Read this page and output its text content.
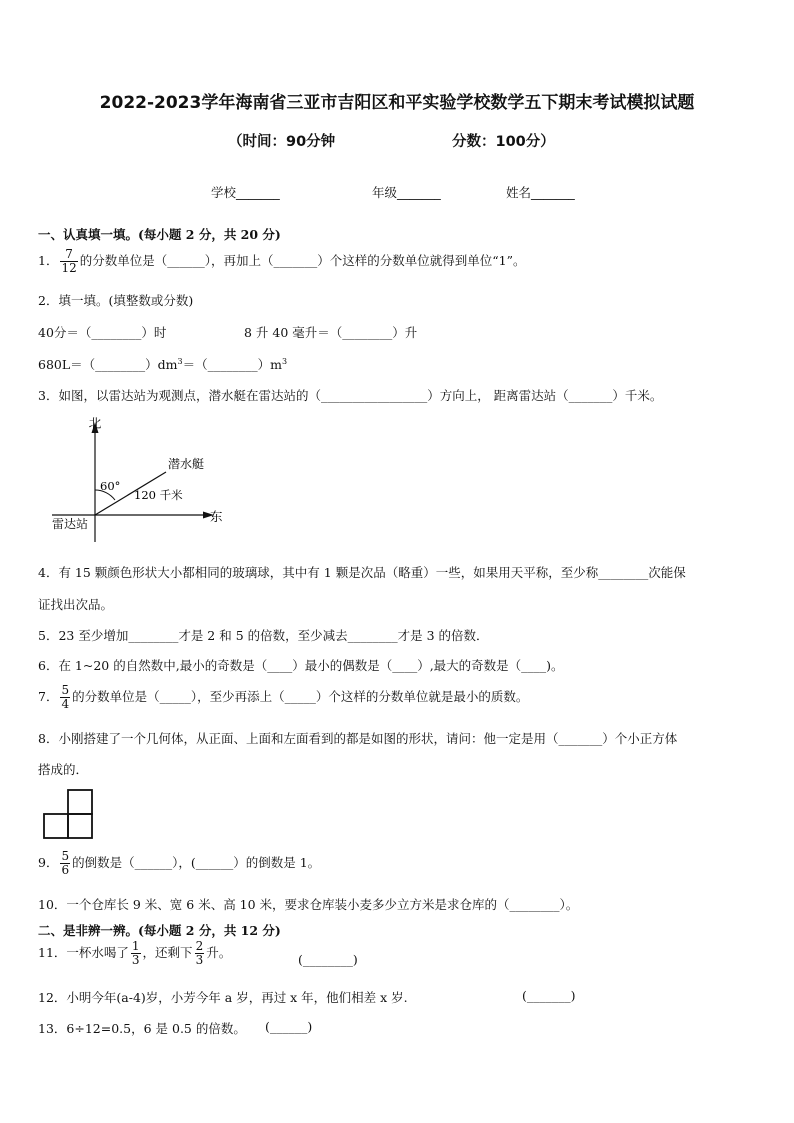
2022-2023学年海南省三亚市吉阳区和平实验学校数学五下期末考试模拟试题
（时间：90分钟	分数：100分）
学校_______	年级_______	姓名_______
一、认真填一填。(每小题 2 分，共 20 分)
1． $\frac{7}{12}$ 的分数单位是（______），再加上（_______）个这样的分数单位就得到单位“1”。
2．填一填。(填整数或分数)
40分＝（________）时	8 升 40 毫升＝（________）升
$680L=(\_\_\_\_\_\_\_\_)dm^3=(\_\_\_\_\_\_\_\_)m^3$
3．如图，以雷达站为观测点，潜水艇在雷达站的（_________________）方向上， 距离雷达站（_______）千米。
北
东
雷达站
潜水艇
60°
120 千米
4．有 15 颗颜色形状大小都相同的玻璃球，其中有 1 颗是次品（略重）一些，如果用天平称，至少称________次能保
证找出次品。
5．23 至少增加________才是 2 和 5 的倍数，至少减去________才是 3 的倍数．
6．在 1~20 的自然数中,最小的奇数是（____）最小的偶数是（____）,最大的奇数是（____)。
7． $\frac{5}{4}$ 的分数单位是（_____），至少再添上（_____）个这样的分数单位就是最小的质数。
8．小刚搭建了一个几何体，从正面、上面和左面看到的都是如图的形状，请问：他一定是用（_______）个小正方体
搭成的．
9． $\frac{5}{6}$ 的倒数是（______），(______）的倒数是 1。
10．一个仓库长 9 米、宽 6 米、高 10 米，要求仓库装小麦多少立方米是求仓库的（________）。
二、是非辨一辨。(每小题 2 分，共 12 分)
11．一杯水喝了 $\frac{1}{3}$ ，还剩下 $\frac{2}{3}$ 升。	(________)
12．小明今年(a-4)岁，小芳今年 a 岁，再过 x 年，他们相差 x 岁.	(_______)
13．6÷12=0.5，6 是 0.5 的倍数。 (______)
